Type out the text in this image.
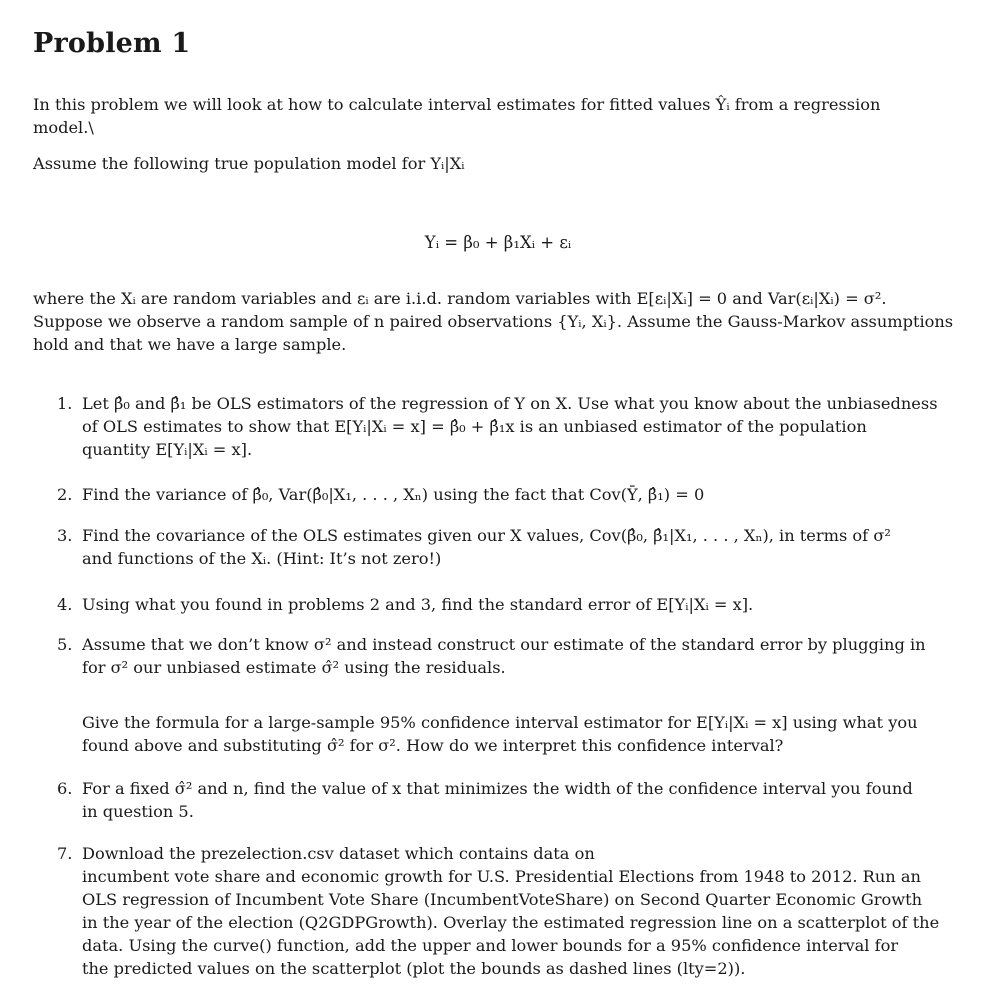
Problem 1
In this problem we will look at how to calculate interval estimates for fitted values Ŷᵢ from a regression
model.\
Assume the following true population model for Yᵢ|Xᵢ
Yᵢ = β₀ + β₁Xᵢ + εᵢ
where the Xᵢ are random variables and εᵢ are i.i.d. random variables with E[εᵢ|Xᵢ] = 0 and Var(εᵢ|Xᵢ) = σ².
Suppose we observe a random sample of n paired observations {Yᵢ, Xᵢ}. Assume the Gauss-Markov assumptions
hold and that we have a large sample.
1. Let β̂₀ and β̂₁ be OLS estimators of the regression of Y on X. Use what you know about the unbiasedness
of OLS estimates to show that E[Yᵢ|Xᵢ = x] = β̂₀ + β̂₁x is an unbiased estimator of the population
quantity E[Yᵢ|Xᵢ = x].
2. Find the variance of β̂₀, Var(β̂₀|X₁, . . . , Xₙ) using the fact that Cov(Ȳ, β̂₁) = 0
3. Find the covariance of the OLS estimates given our X values, Cov(β̂₀, β̂₁|X₁, . . . , Xₙ), in terms of σ²
and functions of the Xᵢ. (Hint: It’s not zero!)
4. Using what you found in problems 2 and 3, find the standard error of E[Yᵢ|Xᵢ = x].
5. Assume that we don’t know σ² and instead construct our estimate of the standard error by plugging in
for σ² our unbiased estimate σ̂² using the residuals.
Give the formula for a large-sample 95% confidence interval estimator for E[Yᵢ|Xᵢ = x] using what you
found above and substituting σ̂² for σ². How do we interpret this confidence interval?
6. For a fixed σ̂² and n, find the value of x that minimizes the width of the confidence interval you found
in question 5.
7. Download the prezelection.csv dataset which contains data on
incumbent vote share and economic growth for U.S. Presidential Elections from 1948 to 2012. Run an
OLS regression of Incumbent Vote Share (IncumbentVoteShare) on Second Quarter Economic Growth
in the year of the election (Q2GDPGrowth). Overlay the estimated regression line on a scatterplot of the
data. Using the curve() function, add the upper and lower bounds for a 95% confidence interval for
the predicted values on the scatterplot (plot the bounds as dashed lines (lty=2)).
